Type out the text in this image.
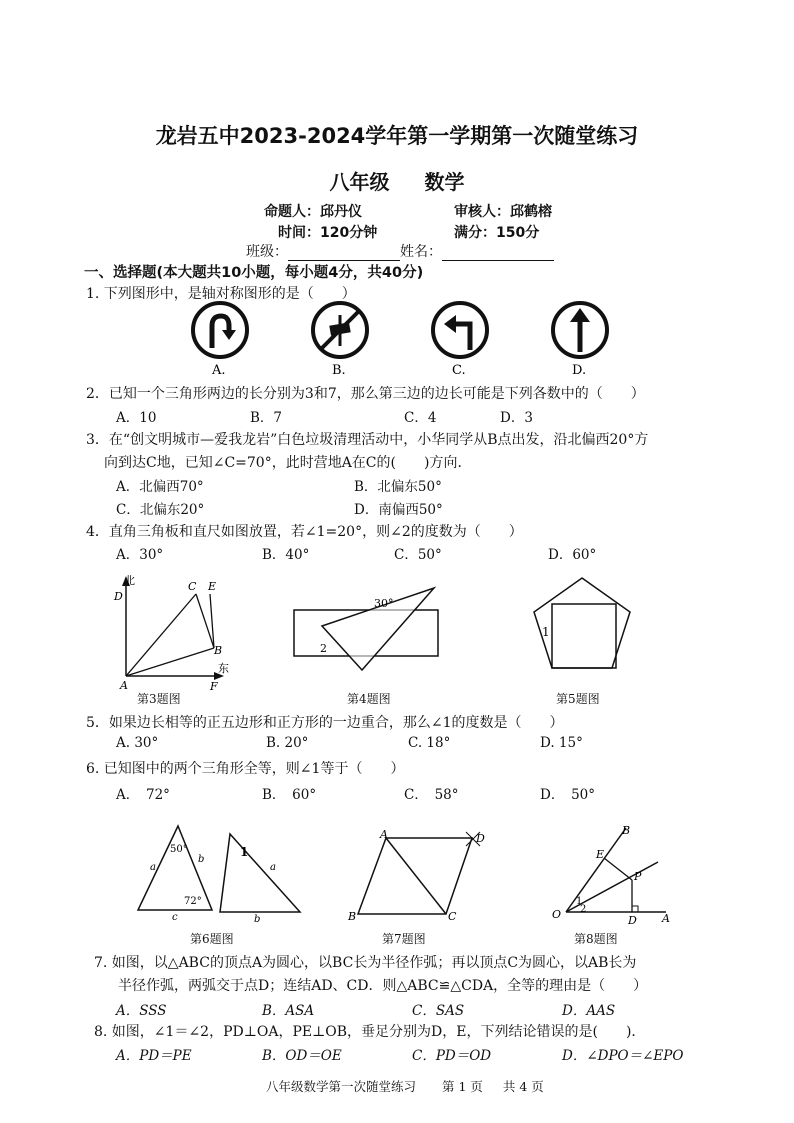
龙岩五中2023-2024学年第一学期第一次随堂练习
八年级 数学
命题人：邱丹仪	审核人：邱鹤榕
时间：120分钟	满分：150分
班级：	姓名：
一、选择题(本大题共10小题，每小题4分，共40分)
1. 下列图形中，是轴对称图形的是（　　）
A.	B.	C.	D.
2．已知一个三角形两边的长分别为3和7，那么第三边的边长可能是下列各数中的（　　）
A．10	B．7	C．4	D．3
3．在“创文明城市—爱我龙岩”白色垃圾清理活动中，小华同学从B点出发，沿北偏西20°方
向到达C地，已知∠C=70°，此时营地A在C的(　　)方向．
A．北偏西70°	B．北偏东50°
C．北偏东20°	D．南偏西50°
4．直角三角板和直尺如图放置，若∠1=20°，则∠2的度数为（　　）
A．30°	B．40°	C．50°	D．60°
北
东
D
C E
B
A	F
第3题图
30°
2
第4题图
1
第5题图
5．如果边长相等的正五边形和正方形的一边重合，那么∠1的度数是（　　）
A. 30°	B. 20°	C. 18°	D. 15°
6. 已知图中的两个三角形全等，则∠1等于（　　）
A．　72°	B．　60°	C．　58°	D．　50°
50°
72°
a
b
c
1
a
b
第6题图
A	D
B	C
第7题图
B
E
P
O	D A
1
2
第8题图
7. 如图，以△ABC的顶点A为圆心，以BC长为半径作弧；再以顶点C为圆心，以AB长为
半径作弧，两弧交于点D；连结AD、CD．则△ABC≌△CDA，全等的理由是（　　）
A．SSS	B．ASA	C．SAS	D．AAS
8. 如图，∠1＝∠2，PD⊥OA，PE⊥OB，垂足分别为D，E，下列结论错误的是(　　)．
A．PD＝PE	B．OD＝OE	C．PD＝OD	D．∠DPO＝∠EPO
八年级数学第一次随堂练习 第 1 页 共 4 页
